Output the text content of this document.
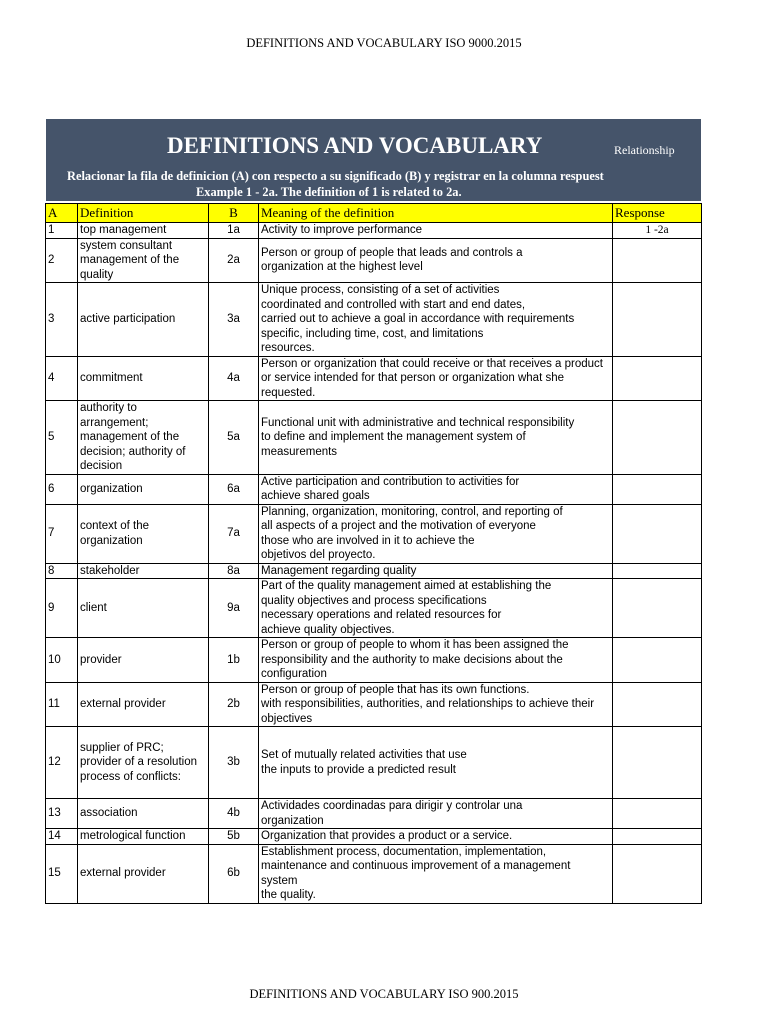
DEFINITIONS AND VOCABULARY ISO 9000.2015
DEFINITIONS AND VOCABULARY	Relationship
Relacionar la fila de definicion (A) con respecto a su significado (B) y registrar en la columna respuest
Example 1 - 2a. The definition of 1 is related to 2a.
A	Definition	B	Meaning of the definition	Response
1	top management	1a	Activity to improve performance	1 -2a
2	system consultant management of the quality	2a	Person or group of people that leads and controls a
organization at the highest level	
3	active participation	3a	Unique process, consisting of a set of activities
coordinated and controlled with start and end dates,
carried out to achieve a goal in accordance with requirements
specific, including time, cost, and limitations
resources.	
4	commitment	4a	Person or organization that could receive or that receives a product or service intended for that person or organization what she requested.	
5	authority to arrangement; management of the decision; authority of decision	5a	Functional unit with administrative and technical responsibility
to define and implement the management system of
measurements	
6	organization	6a	Active participation and contribution to activities for
achieve shared goals	
7	context of the organization	7a	Planning, organization, monitoring, control, and reporting of
all aspects of a project and the motivation of everyone
those who are involved in it to achieve the
objetivos del proyecto.	
8	stakeholder	8a	Management regarding quality	
9	client	9a	Part of the quality management aimed at establishing the
quality objectives and process specifications
necessary operations and related resources for
achieve quality objectives.	
10	provider	1b	Person or group of people to whom it has been assigned the
responsibility and the authority to make decisions about the
configuration	
11	external provider	2b	Person or group of people that has its own functions.
with responsibilities, authorities, and relationships to achieve their
objectives	
12	supplier of PRC; provider of a resolution process of conflicts:	3b	Set of mutually related activities that use
the inputs to provide a predicted result	
13	association	4b	Actividades coordinadas para dirigir y controlar una
organization	
14	metrological function	5b	Organization that provides a product or a service.	
15	external provider	6b	Establishment process, documentation, implementation,
maintenance and continuous improvement of a management system
the quality.	
DEFINITIONS AND VOCABULARY ISO 900.2015
